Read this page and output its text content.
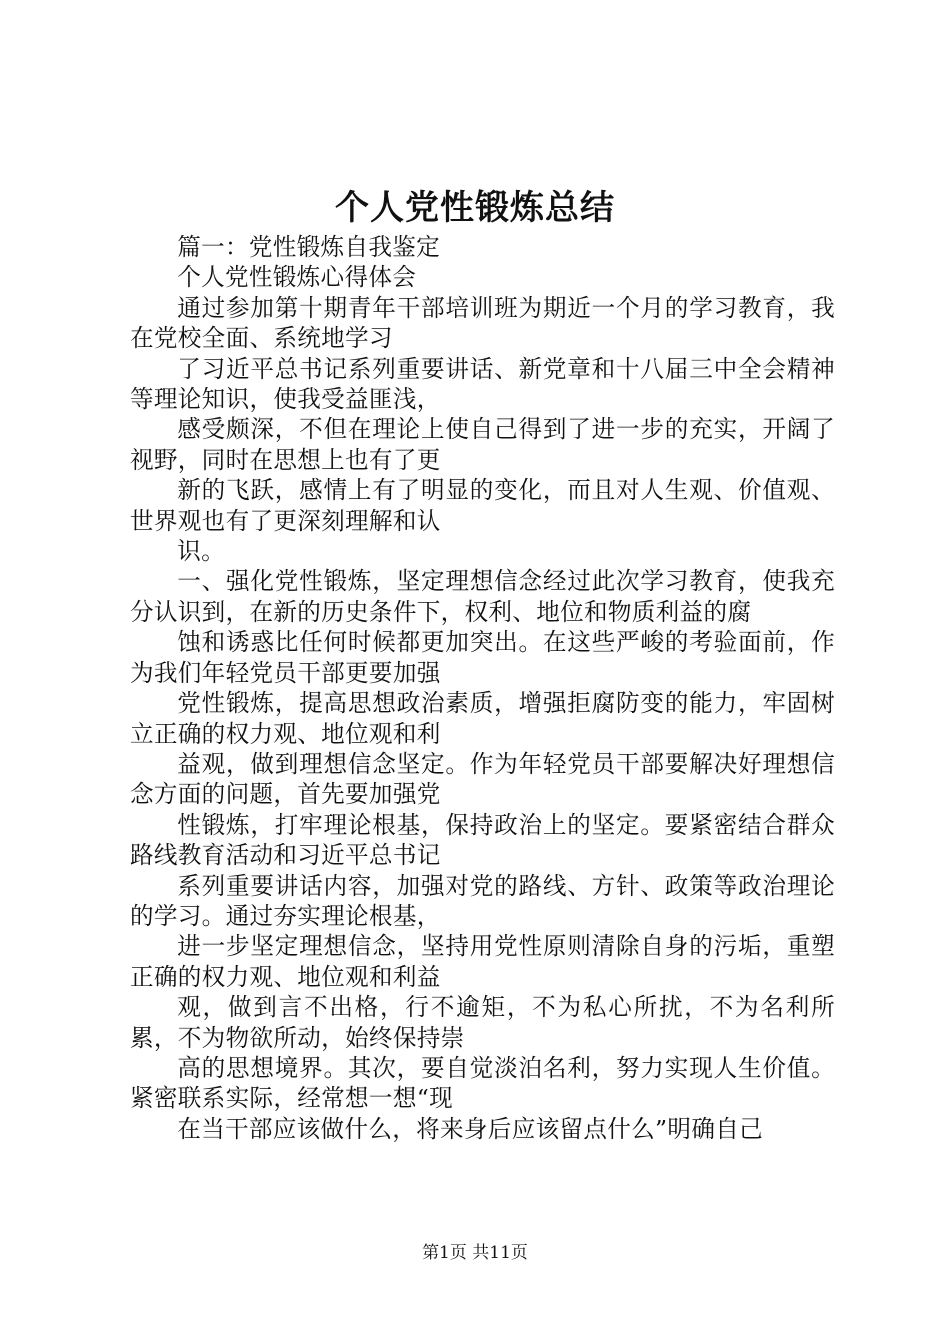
个人党性锻炼总结

篇一：党性锻炼自我鉴定

个人党性锻炼心得体会

通过参加第十期青年干部培训班为期近一个月的学习教育，我在党校全面、系统地学习

了习近平总书记系列重要讲话、新党章和十八届三中全会精神等理论知识，使我受益匪浅，

感受颇深，不但在理论上使自己得到了进一步的充实，开阔了视野，同时在思想上也有了更

新的飞跃，感情上有了明显的变化，而且对人生观、价值观、世界观也有了更深刻理解和认

识。

一、强化党性锻炼，坚定理想信念经过此次学习教育，使我充分认识到，在新的历史条件下，权利、地位和物质利益的腐

蚀和诱惑比任何时候都更加突出。在这些严峻的考验面前，作为我们年轻党员干部更要加强

党性锻炼，提高思想政治素质，增强拒腐防变的能力，牢固树立正确的权力观、地位观和利

益观，做到理想信念坚定。作为年轻党员干部要解决好理想信念方面的问题，首先要加强党

性锻炼，打牢理论根基，保持政治上的坚定。要紧密结合群众路线教育活动和习近平总书记

系列重要讲话内容，加强对党的路线、方针、政策等政治理论的学习。通过夯实理论根基，

进一步坚定理想信念，坚持用党性原则清除自身的污垢，重塑正确的权力观、地位观和利益

观，做到言不出格，行不逾矩，不为私心所扰，不为名利所累，不为物欲所动，始终保持崇

高的思想境界。其次，要自觉淡泊名利，努力实现人生价值。紧密联系实际，经常想一想“现

在当干部应该做什么，将来身后应该留点什么”明确自己

第1页 共11页
